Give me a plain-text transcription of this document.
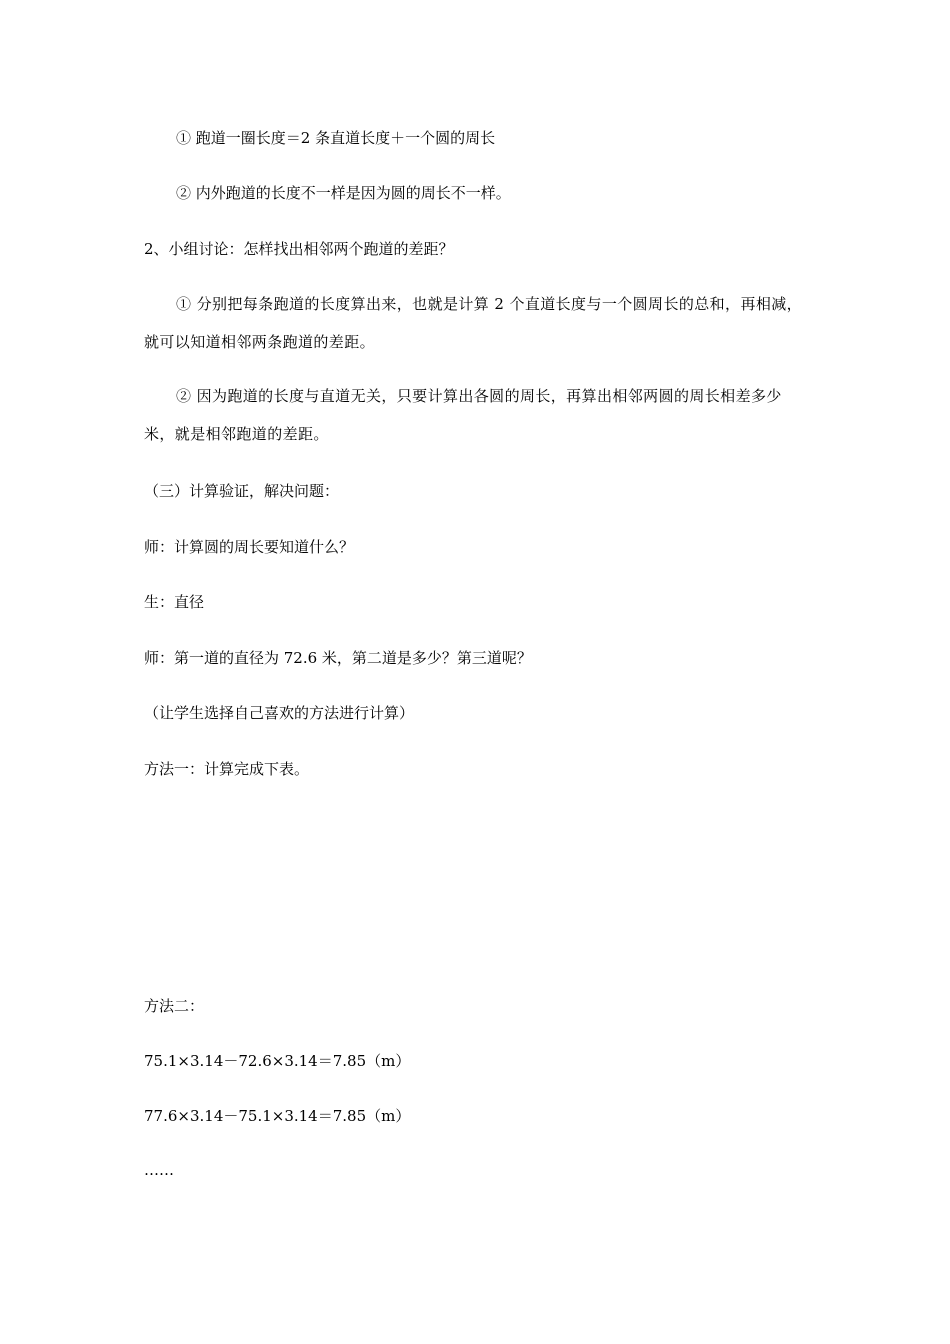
① 跑道一圈长度＝2 条直道长度＋一个圆的周长
② 内外跑道的长度不一样是因为圆的周长不一样。
2、小组讨论：怎样找出相邻两个跑道的差距？
① 分别把每条跑道的长度算出来，也就是计算 2 个直道长度与一个圆周长的总和，再相减，就可以知道相邻两条跑道的差距。
② 因为跑道的长度与直道无关，只要计算出各圆的周长，再算出相邻两圆的周长相差多少米，就是相邻跑道的差距。
（三）计算验证，解决问题：
师：计算圆的周长要知道什么？
生：直径
师：第一道的直径为 72.6 米，第二道是多少？第三道呢？
（让学生选择自己喜欢的方法进行计算）
方法一：计算完成下表。
方法二：
75.1×3.14－72.6×3.14＝7.85（m）
77.6×3.14－75.1×3.14＝7.85（m）
……
